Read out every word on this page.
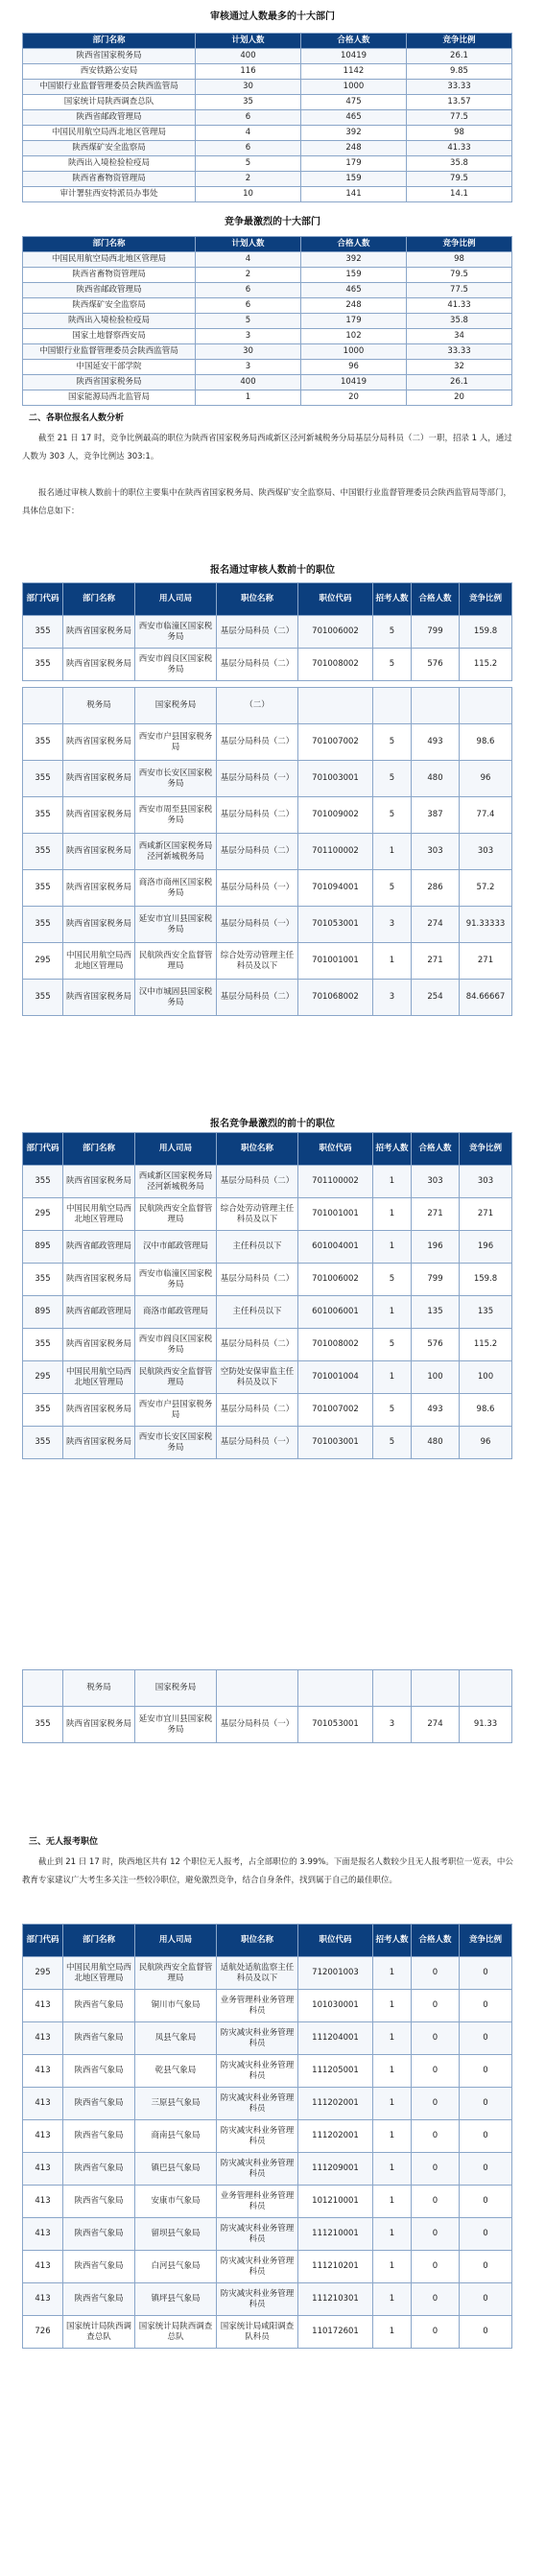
审核通过人数最多的十大部门
部门名称	计划人数	合格人数	竞争比例
陕西省国家税务局	400	10419	26.1
西安铁路公安局	116	1142	9.85
中国银行业监督管理委员会陕西监管局	30	1000	33.33
国家统计局陕西调查总队	35	475	13.57
陕西省邮政管理局	6	465	77.5
中国民用航空局西北地区管理局	4	392	98
陕西煤矿安全监察局	6	248	41.33
陕西出入境检验检疫局	5	179	35.8
陕西省畜物资管理局	2	159	79.5
审计署驻西安特派员办事处	10	141	14.1
竞争最激烈的十大部门
部门名称	计划人数	合格人数	竞争比例
中国民用航空局西北地区管理局	4	392	98
陕西省畜物资管理局	2	159	79.5
陕西省邮政管理局	6	465	77.5
陕西煤矿安全监察局	6	248	41.33
陕西出入境检验检疫局	5	179	35.8
国家土地督察西安局	3	102	34
中国银行业监督管理委员会陕西监管局	30	1000	33.33
中国延安干部学院	3	96	32
陕西省国家税务局	400	10419	26.1
国家能源局西北监管局	1	20	20
二、各职位报名人数分析
截至 21 日 17 时，竞争比例最高的职位为陕西省国家税务局西咸新区泾河新城税务分局基层分局科员（二）一职，招录 1 人，通过人数为 303 人，竞争比例达 303:1。
报名通过审核人数前十的职位主要集中在陕西省国家税务局、陕西煤矿安全监察局、中国银行业监督管理委员会陕西监管局等部门，具体信息如下：
报名通过审核人数前十的职位
部门代码	部门名称	用人司局	职位名称	职位代码	招考人数	合格人数	竞争比例
355	陕西省国家税务局	西安市临潼区国家税务局	基层分局科员（二）	701006002	5	799	159.8
355	陕西省国家税务局	西安市阎良区国家税务局	基层分局科员（二）	701008002	5	576	115.2
	税务局	国家税务局	（二）				
355	陕西省国家税务局	西安市户县国家税务局	基层分局科员（二）	701007002	5	493	98.6
355	陕西省国家税务局	西安市长安区国家税务局	基层分局科员（一）	701003001	5	480	96
355	陕西省国家税务局	西安市周至县国家税务局	基层分局科员（二）	701009002	5	387	77.4
355	陕西省国家税务局	西咸新区国家税务局泾河新城税务局	基层分局科员（二）	701100002	1	303	303
355	陕西省国家税务局	商洛市商州区国家税务局	基层分局科员（一）	701094001	5	286	57.2
355	陕西省国家税务局	延安市宜川县国家税务局	基层分局科员（一）	701053001	3	274	91.33333
295	中国民用航空局西北地区管理局	民航陕西安全监督管理局	综合处劳动管理主任科员及以下	701001001	1	271	271
355	陕西省国家税务局	汉中市城固县国家税务局	基层分局科员（二）	701068002	3	254	84.66667
报名竞争最激烈的前十的职位
部门代码	部门名称	用人司局	职位名称	职位代码	招考人数	合格人数	竞争比例
355	陕西省国家税务局	西咸新区国家税务局泾河新城税务局	基层分局科员（二）	701100002	1	303	303
295	中国民用航空局西北地区管理局	民航陕西安全监督管理局	综合处劳动管理主任科员及以下	701001001	1	271	271
895	陕西省邮政管理局	汉中市邮政管理局	主任科员以下	601004001	1	196	196
355	陕西省国家税务局	西安市临潼区国家税务局	基层分局科员（二）	701006002	5	799	159.8
895	陕西省邮政管理局	商洛市邮政管理局	主任科员以下	601006001	1	135	135
355	陕西省国家税务局	西安市阎良区国家税务局	基层分局科员（二）	701008002	5	576	115.2
295	中国民用航空局西北地区管理局	民航陕西安全监督管理局	空防处安保审监主任科员及以下	701001004	1	100	100
355	陕西省国家税务局	西安市户县国家税务局	基层分局科员（二）	701007002	5	493	98.6
355	陕西省国家税务局	西安市长安区国家税务局	基层分局科员（一）	701003001	5	480	96
	税务局	国家税务局					
355	陕西省国家税务局	延安市宜川县国家税务局	基层分局科员（一）	701053001	3	274	91.33
三、无人报考职位
截止到 21 日 17 时，陕西地区共有 12 个职位无人报考，占全部职位的 3.99%。下面是报名人数较少且无人报考职位一览表，中公教育专家建议广大考生多关注一些较冷职位，避免激烈竞争，结合自身条件，找到属于自己的最佳职位。
部门代码	部门名称	用人司局	职位名称	职位代码	招考人数	合格人数	竞争比例
295	中国民用航空局西北地区管理局	民航陕西安全监督管理局	适航处适航监察主任科员及以下	712001003	1	0	0
413	陕西省气象局	铜川市气象局	业务管理科业务管理科员	101030001	1	0	0
413	陕西省气象局	凤县气象局	防灾减灾科业务管理科员	111204001	1	0	0
413	陕西省气象局	乾县气象局	防灾减灾科业务管理科员	111205001	1	0	0
413	陕西省气象局	三原县气象局	防灾减灾科业务管理科员	111202001	1	0	0
413	陕西省气象局	商南县气象局	防灾减灾科业务管理科员	111202001	1	0	0
413	陕西省气象局	镇巴县气象局	防灾减灾科业务管理科员	111209001	1	0	0
413	陕西省气象局	安康市气象局	业务管理科业务管理科员	101210001	1	0	0
413	陕西省气象局	留坝县气象局	防灾减灾科业务管理科员	111210001	1	0	0
413	陕西省气象局	白河县气象局	防灾减灾科业务管理科员	111210201	1	0	0
413	陕西省气象局	镇坪县气象局	防灾减灾科业务管理科员	111210301	1	0	0
726	国家统计局陕西调查总队	国家统计局陕西调查总队	国家统计局咸阳调查队科员	110172601	1	0	0
